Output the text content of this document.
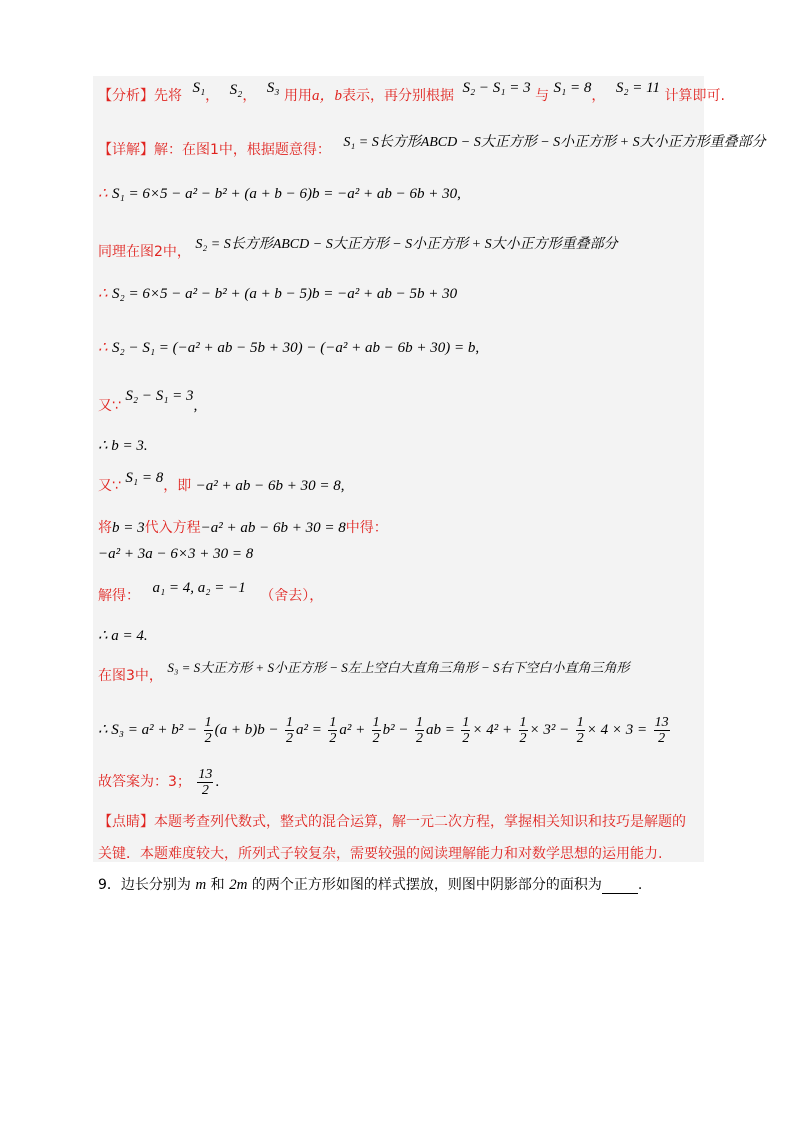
【分析】先将 S₁， S₂， S₃ 用用a，b表示，再分别根据 S₂ − S₁ = 3 与 S₁ = 8， S₂ = 11 计算即可.
【详解】解：在图1中，根据题意得： S₁ = S长方形ABCD − S大正方形 − S小正方形 + S大小正方形重叠部分
∴ S₁ = 6×5 − a² − b² + (a + b − 6)b = −a² + ab − 6b + 30,
同理在图2中， S₂ = S长方形ABCD − S大正方形 − S小正方形 + S大小正方形重叠部分
∴ S₂ = 6×5 − a² − b² + (a + b − 5)b = −a² + ab − 5b + 30
∴ S₂ − S₁ = (−a² + ab − 5b + 30) − (−a² + ab − 6b + 30) = b,
又∵ S₂ − S₁ = 3,
∴ b = 3.
又∵ S₁ = 8，即 −a² + ab − 6b + 30 = 8,
将b = 3代入方程−a² + ab − 6b + 30 = 8中得：
−a² + 3a − 6×3 + 30 = 8
解得： a₁ = 4, a₂ = −1 （舍去），
∴ a = 4.
在图3中， S₃ = S大正方形 + S小正方形 − S左上空白大直角三角形 − S右下空白小直角三角形
∴ $S_3 = a^2 + b^2 - \frac{1}{2} (a + b)b - \frac{1}{2} a^2 = \frac{1}{2} a^2 + \frac{1}{2} b^2 - \frac{1}{2}$ ab = $\frac{1}{2} \times 4^2 + \frac{1}{2} \times 3^2 - \frac{1}{2} \times 4 \times 3 = \frac{13}{2}$
故答案为：3； $\frac{13}{2}$ .
【点睛】本题考查列代数式，整式的混合运算，解一元二次方程，掌握相关知识和技巧是解题的
关键．本题难度较大，所列式子较复杂，需要较强的阅读理解能力和对数学思想的运用能力.
9．边长分别为 m 和 2m 的两个正方形如图的样式摆放，则图中阴影部分的面积为	.
